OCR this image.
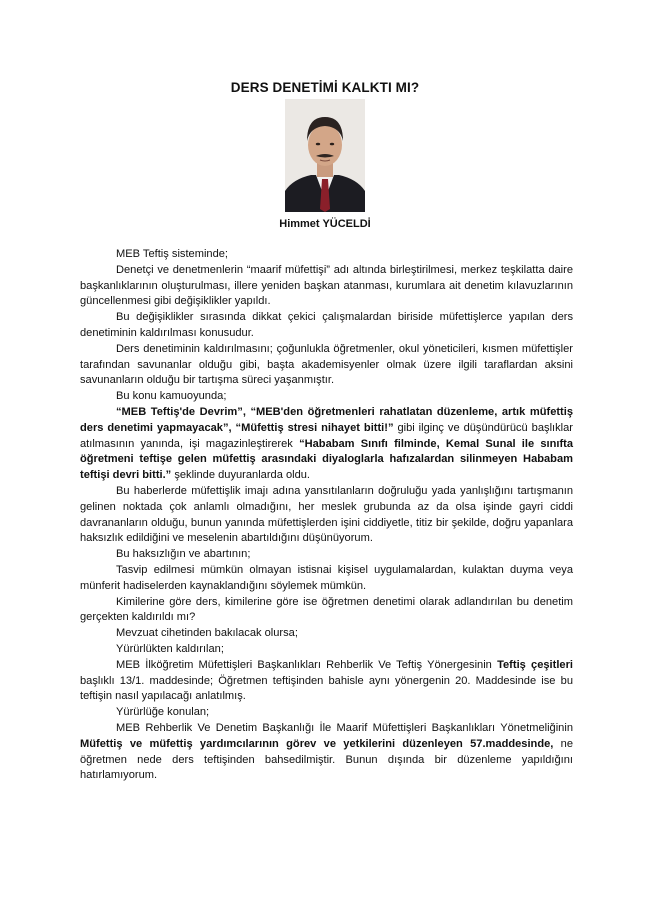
DERS DENETİMİ KALKTI MI?
Himmet YÜCELDİ

MEB Teftiş sisteminde;

Denetçi ve denetmenlerin “maarif müfettişi” adı altında birleştirilmesi, merkez teşkilatta daire başkanlıklarının oluşturulması, illere yeniden başkan atanması, kurumlara ait denetim kılavuzlarının güncellenmesi gibi değişiklikler yapıldı.

Bu değişiklikler sırasında dikkat çekici çalışmalardan biriside müfettişlerce yapılan ders denetiminin kaldırılması konusudur.

Ders denetiminin kaldırılmasını; çoğunlukla öğretmenler, okul yöneticileri, kısmen müfettişler tarafından savunanlar olduğu gibi, başta akademisyenler olmak üzere ilgili taraflardan aksini savunanların olduğu bir tartışma süreci yaşanmıştır.

Bu konu kamuoyunda;

“MEB Teftiş'de Devrim”, “MEB'den öğretmenleri rahatlatan düzenleme, artık müfettiş ders denetimi yapmayacak”, “Müfettiş stresi nihayet bitti!” gibi ilginç ve düşündürücü başlıklar atılmasının yanında, işi magazinleştirerek “Hababam Sınıfı filminde, Kemal Sunal ile sınıfta öğretmeni teftişe gelen müfettiş arasındaki diyaloglarla hafızalardan silinmeyen Hababam teftişi devri bitti.” şeklinde duyuranlarda oldu.

Bu haberlerde müfettişlik imajı adına yansıtılanların doğruluğu yada yanlışlığını tartışmanın gelinen noktada çok anlamlı olmadığını, her meslek grubunda az da olsa işinde gayri ciddi davrananların olduğu, bunun yanında müfettişlerden işini ciddiyetle, titiz bir şekilde, doğru yapanlara haksızlık edildiğini ve meselenin abartıldığını düşünüyorum.

Bu haksızlığın ve abartının;

Tasvip edilmesi mümkün olmayan istisnai kişisel uygulamalardan, kulaktan duyma veya münferit hadiselerden kaynaklandığını söylemek mümkün.

Kimilerine göre ders, kimilerine göre ise öğretmen denetimi olarak adlandırılan bu denetim gerçekten kaldırıldı mı?

Mevzuat cihetinden bakılacak olursa;

Yürürlükten kaldırılan;

MEB İlköğretim Müfettişleri Başkanlıkları Rehberlik Ve Teftiş Yönergesinin Teftiş çeşitleri başlıklı 13/1. maddesinde; Öğretmen teftişinden bahisle aynı yönergenin 20. Maddesinde ise bu teftişin nasıl yapılacağı anlatılmış.

Yürürlüğe konulan;

MEB Rehberlik Ve Denetim Başkanlığı İle Maarif Müfettişleri Başkanlıkları Yönetmeliğinin Müfettiş ve müfettiş yardımcılarının görev ve yetkilerini düzenleyen 57.maddesinde, ne öğretmen nede ders teftişinden bahsedilmiştir. Bunun dışında bir düzenleme yapıldığını hatırlamıyorum.
